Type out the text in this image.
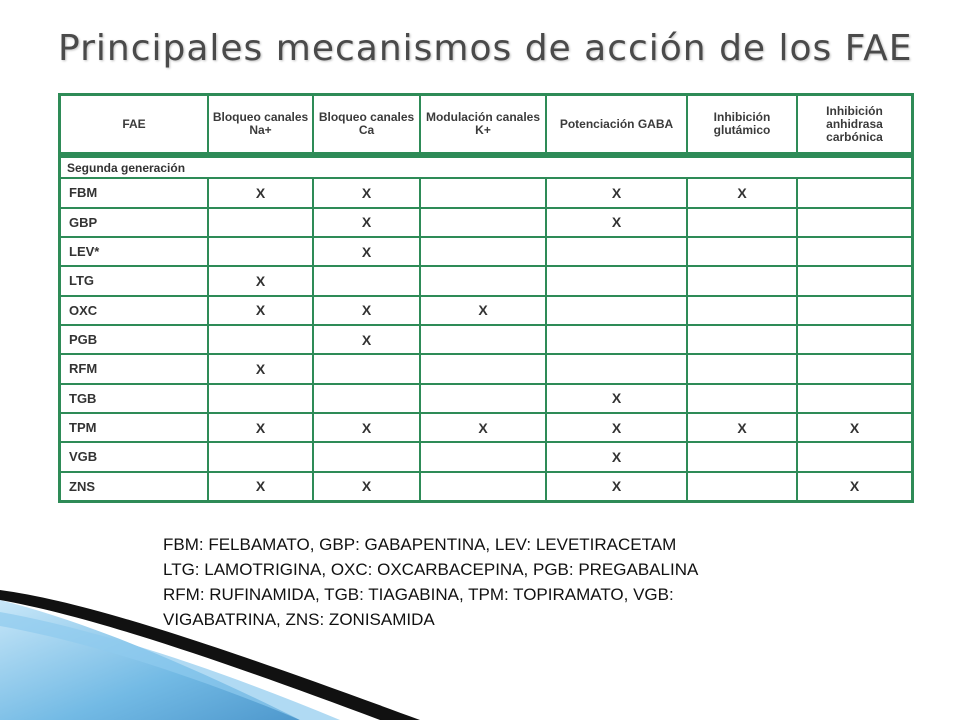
Principales mecanismos de acción de los FAE
FAE	Bloqueo canales Na+	Bloqueo canales Ca	Modulación canales K+	Potenciación GABA	Inhibición glutámico	Inhibición anhidrasa carbónica
Segunda generación						
FBM	X	X		X	X	
GBP		X		X		
LEV*		X				
LTG	X					
OXC	X	X	X			
PGB		X				
RFM	X					
TGB				X		
TPM	X	X	X	X	X	X
VGB				X		
ZNS	X	X		X		X
FBM: FELBAMATO, GBP: GABAPENTINA, LEV: LEVETIRACETAM
LTG: LAMOTRIGINA, OXC: OXCARBACEPINA, PGB: PREGABALINA
RFM: RUFINAMIDA, TGB: TIAGABINA, TPM: TOPIRAMATO, VGB:
VIGABATRINA, ZNS: ZONISAMIDA
